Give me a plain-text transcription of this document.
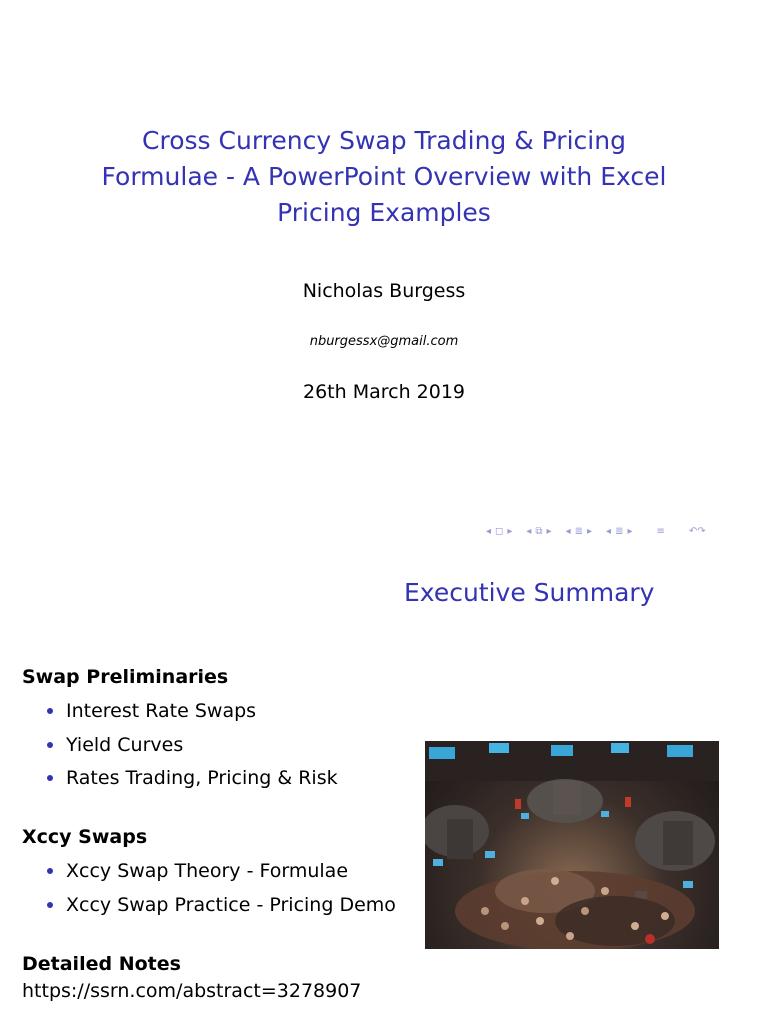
Cross Currency Swap Trading & Pricing
Formulae - A PowerPoint Overview with Excel
Pricing Examples
Nicholas Burgess
nburgessx@gmail.com
26th March 2019
◂ ◻ ▸ ◂ ⧉ ▸ ◂ ≣ ▸ ◂ ≣ ▸ ≡ ↶↷
Executive Summary
Swap Preliminaries
Interest Rate Swaps
Yield Curves
Rates Trading, Pricing & Risk
Xccy Swaps
Xccy Swap Theory - Formulae
Xccy Swap Practice - Pricing Demo
Detailed Notes
https://ssrn.com/abstract=3278907
